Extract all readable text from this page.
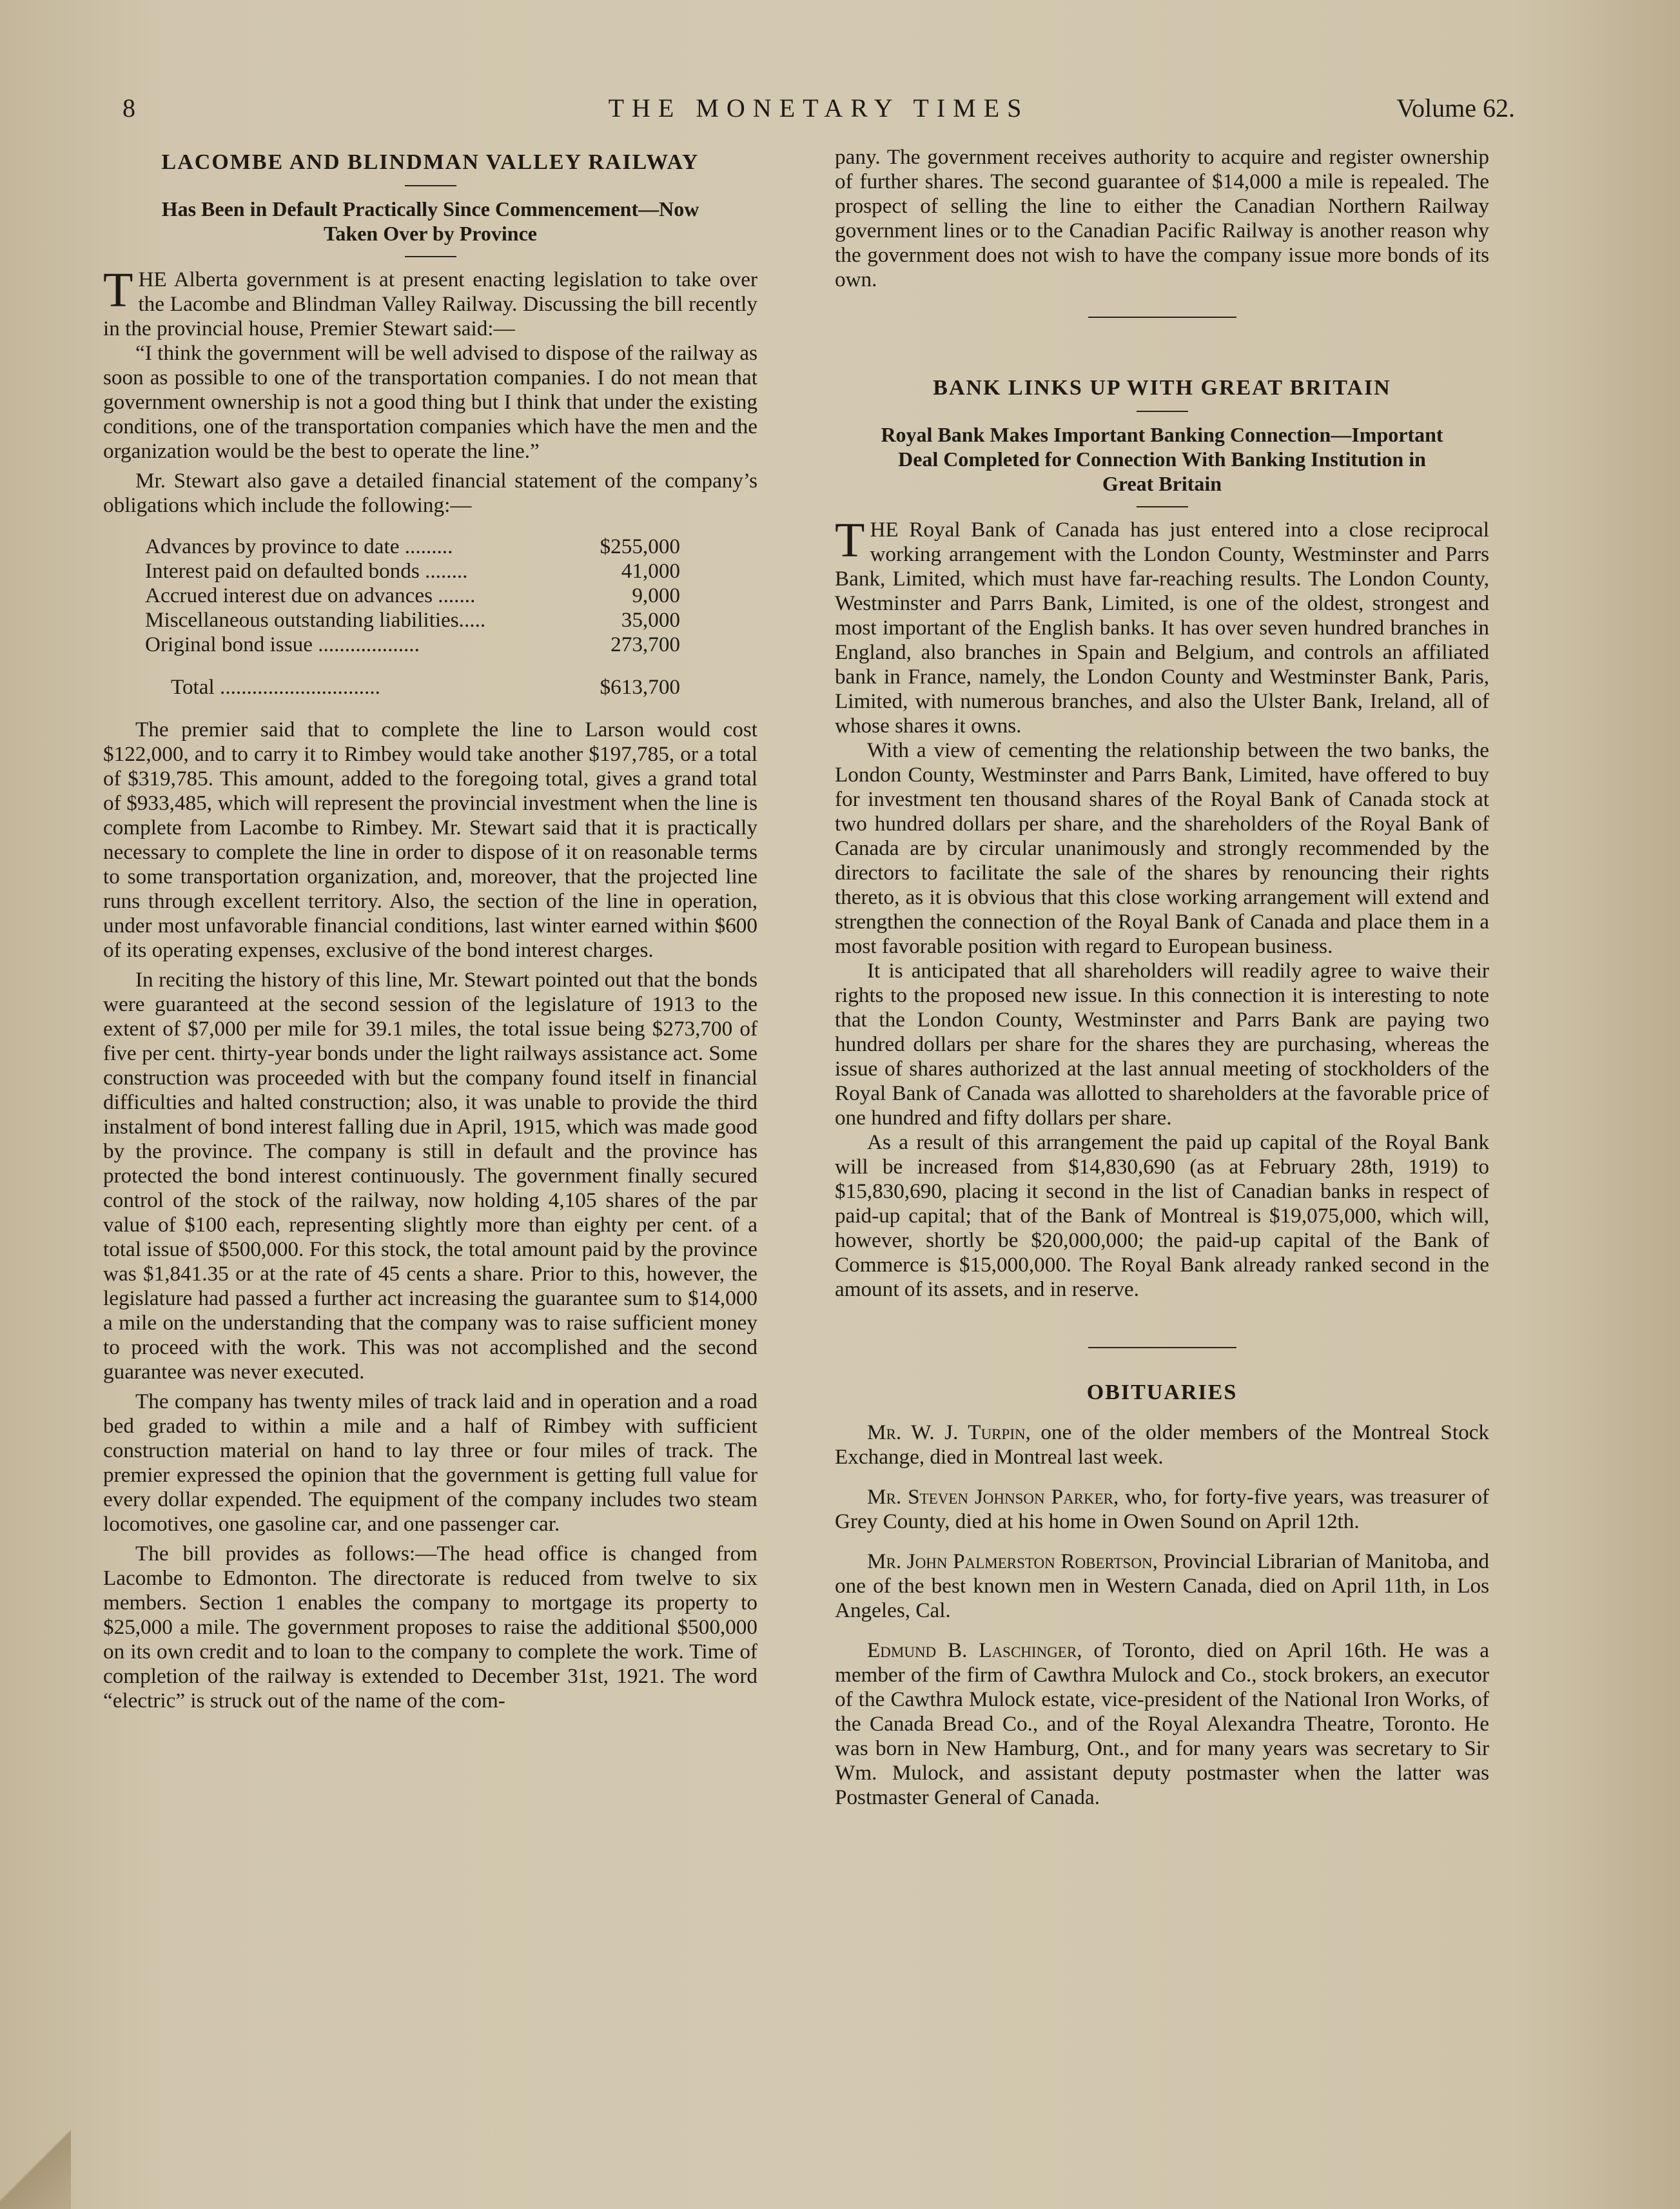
8	THE MONETARY TIMES	Volume 62.
LACOMBE AND BLINDMAN VALLEY RAILWAY
Has Been in Default Practically Since Commencement—Now Taken Over by Province

THE Alberta government is at present enacting legislation to take over the Lacombe and Blindman Valley Railway. Discussing the bill recently in the provincial house, Premier Stewart said:—

“I think the government will be well advised to dispose of the railway as soon as possible to one of the transportation companies. I do not mean that government ownership is not a good thing but I think that under the existing conditions, one of the transportation companies which have the men and the organization would be the best to operate the line.”

Mr. Stewart also gave a detailed financial statement of the company’s obligations which include the following:—

Advances by province to date .........	$255,000
Interest paid on defaulted bonds ........	41,000
Accrued interest due on advances .......	9,000
Miscellaneous outstanding liabilities.....	35,000
Original bond issue ...................	273,700
Total ..............................	$613,700

The premier said that to complete the line to Larson would cost $122,000, and to carry it to Rimbey would take another $197,785, or a total of $319,785. This amount, added to the foregoing total, gives a grand total of $933,485, which will represent the provincial investment when the line is complete from Lacombe to Rimbey. Mr. Stewart said that it is practically necessary to complete the line in order to dispose of it on reasonable terms to some transportation organization, and, moreover, that the projected line runs through excellent territory. Also, the section of the line in operation, under most unfavorable financial conditions, last winter earned within $600 of its operating expenses, exclusive of the bond interest charges.

In reciting the history of this line, Mr. Stewart pointed out that the bonds were guaranteed at the second session of the legislature of 1913 to the extent of $7,000 per mile for 39.1 miles, the total issue being $273,700 of five per cent. thirty-year bonds under the light railways assistance act. Some construction was proceeded with but the company found itself in financial difficulties and halted construction; also, it was unable to provide the third instalment of bond interest falling due in April, 1915, which was made good by the province. The company is still in default and the province has protected the bond interest continuously. The government finally secured control of the stock of the railway, now holding 4,105 shares of the par value of $100 each, representing slightly more than eighty per cent. of a total issue of $500,000. For this stock, the total amount paid by the province was $1,841.35 or at the rate of 45 cents a share. Prior to this, however, the legislature had passed a further act increasing the guarantee sum to $14,000 a mile on the understanding that the company was to raise sufficient money to proceed with the work. This was not accomplished and the second guarantee was never executed.

The company has twenty miles of track laid and in operation and a road bed graded to within a mile and a half of Rimbey with sufficient construction material on hand to lay three or four miles of track. The premier expressed the opinion that the government is getting full value for every dollar expended. The equipment of the company includes two steam locomotives, one gasoline car, and one passenger car.

The bill provides as follows:—The head office is changed from Lacombe to Edmonton. The directorate is reduced from twelve to six members. Section 1 enables the company to mortgage its property to $25,000 a mile. The government proposes to raise the additional $500,000 on its own credit and to loan to the company to complete the work. Time of completion of the railway is extended to December 31st, 1921. The word “electric” is struck out of the name of the com-

pany. The government receives authority to acquire and register ownership of further shares. The second guarantee of $14,000 a mile is repealed. The prospect of selling the line to either the Canadian Northern Railway government lines or to the Canadian Pacific Railway is another reason why the government does not wish to have the company issue more bonds of its own.

BANK LINKS UP WITH GREAT BRITAIN
Royal Bank Makes Important Banking Connection—Important Deal Completed for Connection With Banking Institution in Great Britain

THE Royal Bank of Canada has just entered into a close reciprocal working arrangement with the London County, Westminster and Parrs Bank, Limited, which must have far-reaching results. The London County, Westminster and Parrs Bank, Limited, is one of the oldest, strongest and most important of the English banks. It has over seven hundred branches in England, also branches in Spain and Belgium, and controls an affiliated bank in France, namely, the London County and Westminster Bank, Paris, Limited, with numerous branches, and also the Ulster Bank, Ireland, all of whose shares it owns.

With a view of cementing the relationship between the two banks, the London County, Westminster and Parrs Bank, Limited, have offered to buy for investment ten thousand shares of the Royal Bank of Canada stock at two hundred dollars per share, and the shareholders of the Royal Bank of Canada are by circular unanimously and strongly recommended by the directors to facilitate the sale of the shares by renouncing their rights thereto, as it is obvious that this close working arrangement will extend and strengthen the connection of the Royal Bank of Canada and place them in a most favorable position with regard to European business.

It is anticipated that all shareholders will readily agree to waive their rights to the proposed new issue. In this connection it is interesting to note that the London County, Westminster and Parrs Bank are paying two hundred dollars per share for the shares they are purchasing, whereas the issue of shares authorized at the last annual meeting of stockholders of the Royal Bank of Canada was allotted to shareholders at the favorable price of one hundred and fifty dollars per share.

As a result of this arrangement the paid up capital of the Royal Bank will be increased from $14,830,690 (as at February 28th, 1919) to $15,830,690, placing it second in the list of Canadian banks in respect of paid-up capital; that of the Bank of Montreal is $19,075,000, which will, however, shortly be $20,000,000; the paid-up capital of the Bank of Commerce is $15,000,000. The Royal Bank already ranked second in the amount of its assets, and in reserve.

OBITUARIES

Mr. W. J. Turpin, one of the older members of the Montreal Stock Exchange, died in Montreal last week.

Mr. Steven Johnson Parker, who, for forty-five years, was treasurer of Grey County, died at his home in Owen Sound on April 12th.

Mr. John Palmerston Robertson, Provincial Librarian of Manitoba, and one of the best known men in Western Canada, died on April 11th, in Los Angeles, Cal.

Edmund B. Laschinger, of Toronto, died on April 16th. He was a member of the firm of Cawthra Mulock and Co., stock brokers, an executor of the Cawthra Mulock estate, vice-president of the National Iron Works, of the Canada Bread Co., and of the Royal Alexandra Theatre, Toronto. He was born in New Hamburg, Ont., and for many years was secretary to Sir Wm. Mulock, and assistant deputy postmaster when the latter was Postmaster General of Canada.
